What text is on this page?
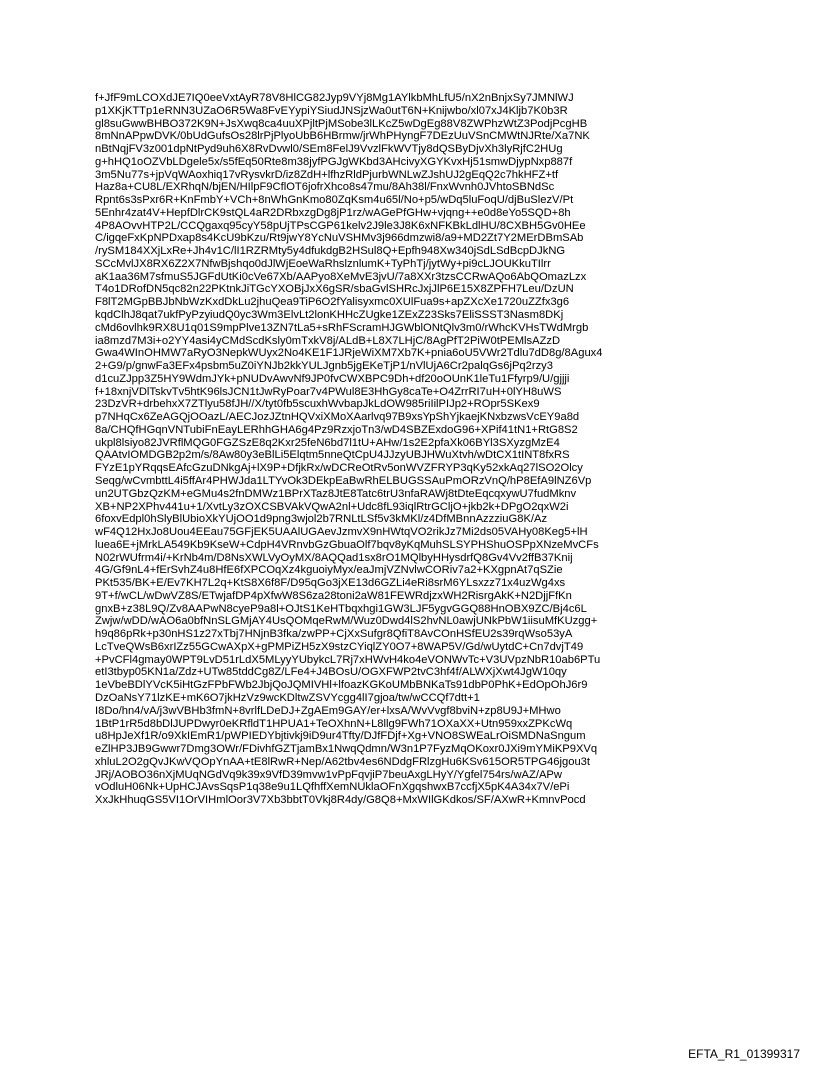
f+JfF9mLCOXdJE7IQ0eeVxtAyR78V8HlCG82Jyp9VYj8Mg1AYlkbMhLfU5/nX2nBnjxSy7JMNlWJ
p1XKjKTTp1eRNN3UZaO6R5Wa8FvEYypiYSiudJNSjzWa0utT6N+Knijwbo/xl07xJ4Kljb7K0b3R
gl8suGwwBHBO372K9N+JsXwq8ca4uuXPjltPjMSobe3lLKcZ5wDgEg88V8ZWPhzWtZ3PodjPcgHB
8mNnAPpwDVK/0bUdGufsOs28lrPjPlyoUbB6HBrmw/jrWhPHyngF7DEzUuVSnCMWtNJRte/Xa7NK
nBtNqjFV3z001dpNtPyd9uh6X8RvDvwl0/SEm8FelJ9VvzlFkWVTjy8dQSByDjvXh3lyRjfC2HUg
g+hHQ1oOZVbLDgele5x/s5fEq50Rte8m38jyfPGJgWKbd3AHcivyXGYKvxHj51smwDjypNxp887f
3m5Nu77s+jpVqWAoxhiq17vRysvkrD/iz8ZdH+lfhzRldPjurbWNLwZJshUJ2gEqQ2c7hkHFZ+tf
Haz8a+CU8L/EXRhqN/bjEN/HIlpF9CflOT6jofrXhco8s47mu/8Ah38l/FnxWvnh0JVhtoSBNdSc
Rpnt6s3sPxr6R+KnFmbY+VCh+8nWhGnKmo80ZqKsm4u65l/No+p5/wDq5luFoqU/djBuSlezV/Pt
5Enhr4zat4V+HepfDlrCK9stQL4aR2DRbxzgDg8jP1rz/wAGePfGHw+vjqng++e0d8eYo5SQD+8h
4P8AOvvHTP2L/CCQgaxq95cyY58pUjTPsCGP61kelv2J9le3J8K6xNFKBkLdlHU/8CXBH5Gv0HEe
C/igqeFxKpNPDxap8s4KcU9bKzu/Rt9jwY8YcNuVSHMv3j966dmzwi8/a9+MD2Zt7Y2MErDBmSAb
/rySM184XXjLxRe+Jh4v1C/lI1RZRMty5y4dfukdgB2HSul8Q+Epfh948Xw340jSdLSdBcpDJkNG
SCcMvlJX8RX6Z2X7NfwBjshqo0dJlWjEoeWaRhslznlumK+TyPhTj/jytWy+pi9cLJOUKkuTIlrr
aK1aa36M7sfmuS5JGFdUtKi0cVe67Xb/AAPyo8XeMvE3jvU/7a8XXr3tzsCCRwAQo6AbQOmazLzx
T4o1DRofDN5qc82n22PKtnkJiTGcYXOBjJxX6gSR/sbaGvlSHRcJxjJlP6E15X8ZPFH7Leu/DzUN
F8lT2MGpBBJbNbWzKxdDkLu2jhuQea9TiP6O2fYalisyxmc0XUlFua9s+apZXcXe1720uZZfx3g6
kqdClhJ8qat7ukfPyPzyiudQ0yc3Wm3ElvLt2lonKHHcZUgke1ZExZ23Sks7EliSSST3Nasm8DKj
cMd6ovlhk9RX8U1q01S9mpPlve13ZN7tLa5+sRhFScramHJGWblONtQlv3m0/rWhcKVHsTWdMrgb
ia8mzd7M3i+o2YY4asi4yCMdScdKsly0mTxkV8j/ALdB+L8X7LHjC/8AgPfT2PiW0tPEMlsAZzD
Gwa4WInOHMW7aRyO3NepkWUyx2No4KE1F1JRjeWiXM7Xb7K+pnia6oU5VWr2Tdlu7dD8g/8Agux4
2+G9/p/gnwFa3EFx4psbm5uZ0iYNJb2kkYULJgnb5jgEKeTjP1/nVlUjA6Cr2palqGs6jPq2rzy3
d1cuZJpp3Z5HY9WdmJYk+pNUDvAwvNf9JP0fvCWXBPC9Dh+df20oOUnK1leTu1Ffyrp9/U/gjjji
f+18xnjVDlTskvTv5htK96lsJCN1tJwRyPoar7v4PWul8E3HhGy8caTe+O4ZrrRI7uH+0lYH8uWS
23DzVR+drbehxX7ZTlyu58fJH//X/tyt0fb5scuxhWvbapJkLdOW985riIilPIJp2+ROpr5SKex9
p7NHqCx6ZeAGQjOOazL/AECJozJZtnHQVxiXMoXAarlvq97B9xsYpShYjkaejKNxbzwsVcEY9a8d
8a/CHQfHGqnVNTubiFnEayLERhhGHA6g4Pz9RzxjoTn3/wD4SBZExdoG96+XPif41tN1+RtG8S2
ukpl8lsiyo82JVRflMQG0FGZSzE8q2Kxr25feN6bd7l1tU+AHw/1s2E2pfaXk06BYl3SXyzgMzE4
QAAtvIOMDGB2p2m/s/8Aw80y3eBlLi5Elqtm5nneQtCpU4JJzyUBJHWuXtvh/wDtCX1tINT8fxRS
FYzE1pYRqqsEAfcGzuDNkgAj+lX9P+DfjkRx/wDCReOtRv5onWVZFRYP3qKy52xkAq27lSO2Olcy
Seqg/wCvmbttL4i5ffAr4PHWJda1LTYvOk3DEkpEaBwRhELBUGSSAuPmORzVnQ/hP8EfA9lNZ6Vp
un2UTGbzQzKM+eGMu4s2fnDMWz1BPrXTaz8JtE8Tatc6trU3nfaRAWj8tDteEqcqxywU7fudMknv
XB+NP2XPhv441u+1/XvtLy3zOXCSBVAkVQwA2nl+Udc8fL93iqlRtrGCljO+jkb2k+DPgO2qxW2i
6foxvEdpl0hSlyBlUbioXkYUjOO1d9png3wjol2b7RNLtLSf5v3kMKl/z4DfMBnnAzzziuG8K/Az
wF4Q12HxJo8Uou4EEau75GFjEK5UAAlUGAevJzmvX9nHWtqVO2rikJz7Mi2ds05VAHy08Keg5+lH
luea6E+jMrkLA549Kb9KseW+CdpH4VRnvbGzGbuaOlf7bqv8yKqMuhSLSYPHShuOSPpXNzeMvCFs
N02rWUfrm4i/+KrNb4m/D8NsXWLVyOyMX/8AQQad1sx8rO1MQlbyHHysdrfQ8Gv4Vv2ffB37Knij
4G/Gf9nL4+fErSvhZ4u8HfE6fXPCOqXz4kguoiyMyx/eaJmjVZNvlwCORiv7a2+KXgpnAt7qSZie
PKt535/BK+E/Ev7KH7L2q+KtS8X6f8F/D95qGo3jXE13d6GZLi4eRi8srM6YLsxzz71x4uzWg4xs
9T+f/wCL/wDwVZ8S/ETwjafDP4pXfwW8S6za28toni2aW81FEWRdjzxWH2RisrgAkK+N2DjjFfKn
gnxB+z38L9Q/Zv8AAPwN8cyeP9a8l+OJtS1KeHTbqxhgi1GW3LJF5ygvGGQ88HnOBX9ZC/Bj4c6L
Zwjw/wDD/wAO6a0bfNnSLGMjAY4UsQOMqeRwM/Wuz0Dwd4lS2hvNL0awjUNkPbW1iisuMfKUzgg+
h9q86pRk+p30nHS1z27xTbj7HNjnB3fka/zwPP+CjXxSufgr8QfiT8AvCOnHSfEU2s39rqWso53yA
LcTveQWsB6xrIZz55GCwAXpX+gPMPiZH5zX9stzCYiqlZY0O7+8WAP5V/Gd/wUytdC+Cn7dvjT49
+PvCFl4gmay0WPT9LvD51rLdX5MLyyYUbykcL7Rj7xHWvH4ko4eVONWvTc+V3UVpzNbR10ab6PTu
etI3tbyp05KN1a/Zdz+UTw85tddCg8Z/LFe4+J4BOsU/OGXFWP2tvC3hf4f/ALWXjXwt4JgW10qy
1eVbeBDlYVcK5iHtGzFPbFWb2JbjQoJQMIVHl+lfoazKGKoUMbBNKaTs91dbP0PhK+EdOpOhJ6r9
DzOaNsY71lzKE+mK6O7jkHzVz9wcKDltwZSVYcgg4lI7gjoa/tw/wCCQf7dtt+1
I8Do/hn4/vA/j3wVBHb3fmN+8vrlfLDeDJ+ZgAEm9GAY/er+lxsA/WvVvgf8bviN+zp8U9J+MHwo
1BtP1rR5d8bDlJUPDwyr0eKRfldT1HPUA1+TeOXhnN+L8llg9FWh71OXaXX+Utn959xxZPKcWq
u8HpJeXf1R/o9XkIEmR1/pWPIEDYbjtivkj9iD9ur4Tfty/DJfFDjf+Xg+VNO8SWEaLrOiSMDNaSngum
eZlHP3JB9Gwwr7Dmg3OWr/FDivhfGZTjamBx1NwqQdmn/W3n1P7FyzMqOKoxr0JXi9mYMiKP9XVq
xhluL2O2gQvJKwVQOpYnAA+tE8lRwR+Nep/A62tbv4es6NDdgFRlzgHu6KSv615OR5TPG46jgou3t
JRj/AOBO36nXjMUqNGdVq9k39x9VfD39mvw1vPpFqvjiP7beuAxgLHyY/Ygfel754rs/wAZ/APw
vOdluH06Nk+UpHCJAvsSqsP1q38e9u1LQfhffXemNUklaOFnXgqshwxB7ccfjX5pK4A34x7V/ePi
XxJkHhuqGS5VI1OrVIHmlOor3V7Xb3bbtT0Vkj8R4dy/G8Q8+MxWIlGKdkos/SF/AXwR+KmnvPocd
EFTA_R1_01399317
